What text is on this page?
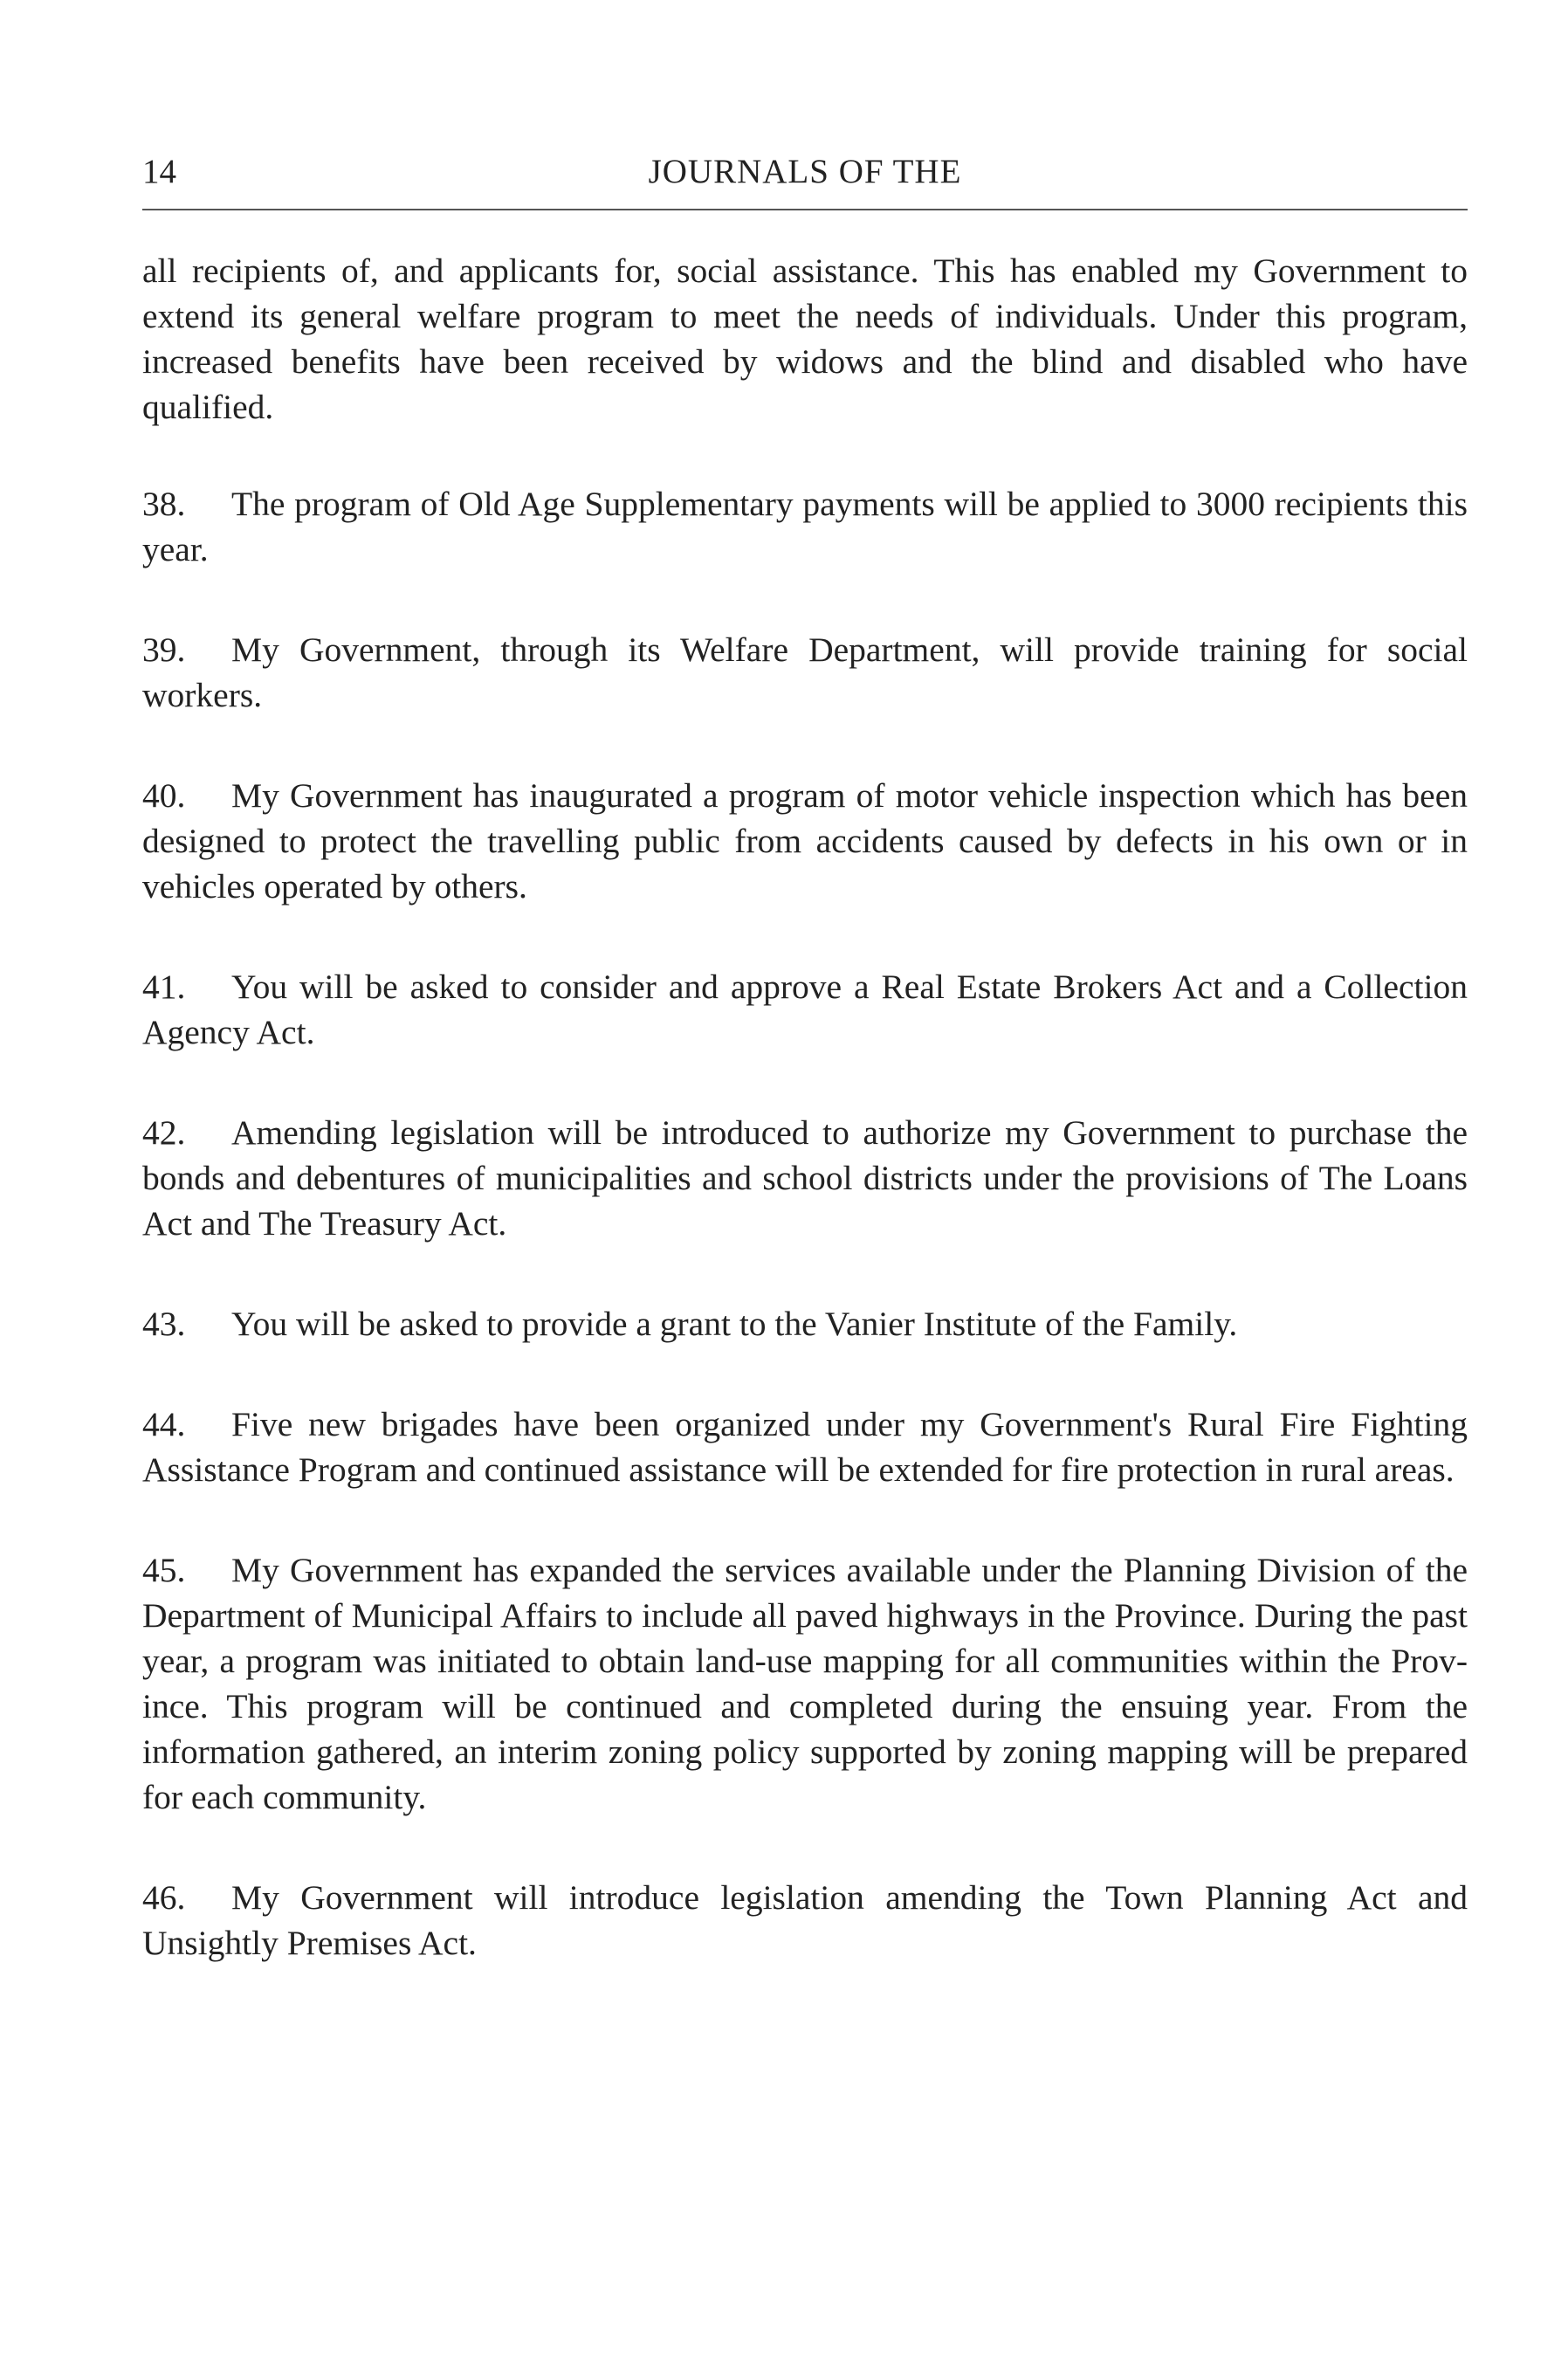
14	JOURNALS OF THE

all recipients of, and applicants for, social assistance. This has enabled my Government to extend its general welfare program to meet the needs of individuals. Under this program, increased benefits have been received by widows and the blind and disabled who have qualified.

38. The program of Old Age Supplementary payments will be applied to 3000 recipients this year.

39. My Government, through its Welfare Department, will provide training for social workers.

40. My Government has inaugurated a program of motor vehicle inspection which has been designed to protect the travelling public from accidents caused by defects in his own or in vehicles operated by others.

41. You will be asked to consider and approve a Real Estate Brokers Act and a Collection Agency Act.

42. Amending legislation will be introduced to authorize my Government to purchase the bonds and debentures of municipalities and school districts under the provisions of The Loans Act and The Treasury Act.

43. You will be asked to provide a grant to the Vanier Institute of the Family.

44. Five new brigades have been organized under my Government's Rural Fire Fighting Assistance Program and continued assistance will be extended for fire protection in rural areas.

45. My Government has expanded the services available under the Planning Division of the Department of Municipal Affairs to include all paved highways in the Province. During the past year, a program was initiated to obtain land-use mapping for all communities within the Province. This program will be continued and completed during the ensuing year. From the information gathered, an interim zoning policy supported by zoning mapping will be prepared for each community.

46. My Government will introduce legislation amending the Town Planning Act and Unsightly Premises Act.
